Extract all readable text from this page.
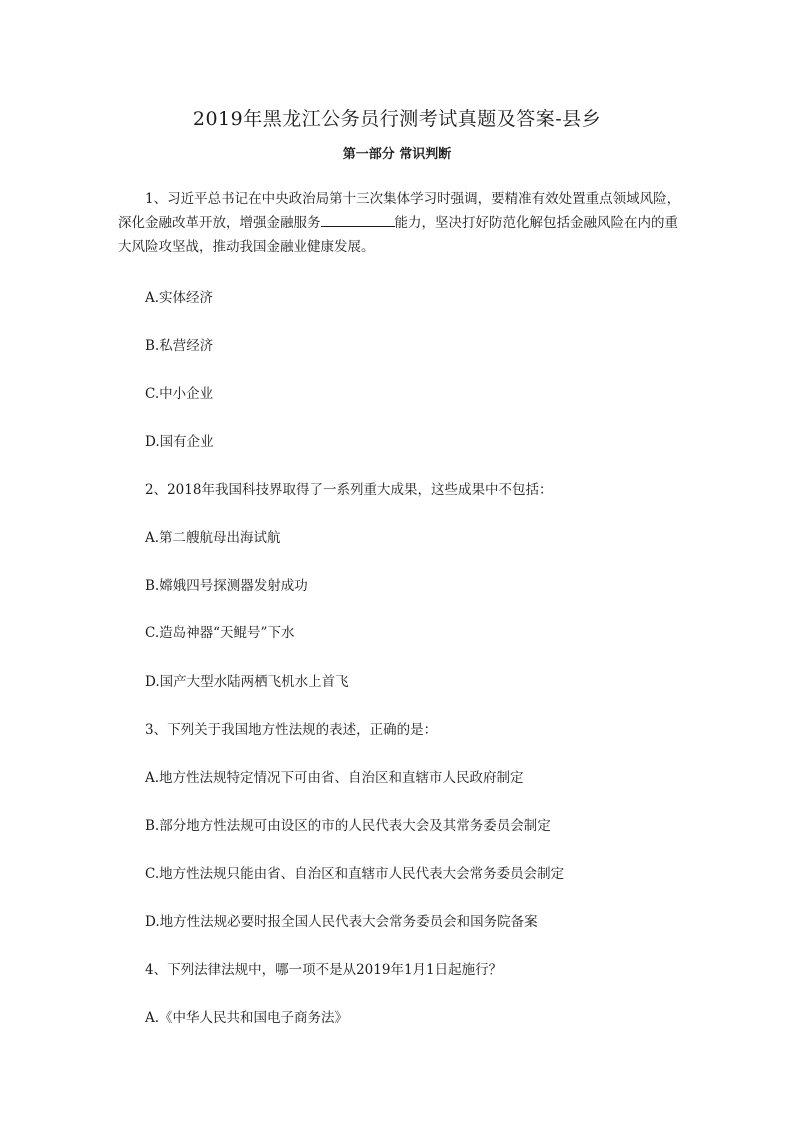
2019年黑龙江公务员行测考试真题及答案-县乡
第一部分 常识判断
1、习近平总书记在中央政治局第十三次集体学习时强调，要精准有效处置重点领域风险，深化金融改革开放，增强金融服务	能力，坚决打好防范化解包括金融风险在内的重大风险攻坚战，推动我国金融业健康发展。
A.实体经济
B.私营经济
C.中小企业
D.国有企业
2、2018年我国科技界取得了一系列重大成果，这些成果中不包括：
A.第二艘航母出海试航
B.嫦娥四号探测器发射成功
C.造岛神器“天鲲号”下水
D.国产大型水陆两栖飞机水上首飞
3、下列关于我国地方性法规的表述，正确的是：
A.地方性法规特定情况下可由省、自治区和直辖市人民政府制定
B.部分地方性法规可由设区的市的人民代表大会及其常务委员会制定
C.地方性法规只能由省、自治区和直辖市人民代表大会常务委员会制定
D.地方性法规必要时报全国人民代表大会常务委员会和国务院备案
4、下列法律法规中，哪一项不是从2019年1月1日起施行？
A.《中华人民共和国电子商务法》
